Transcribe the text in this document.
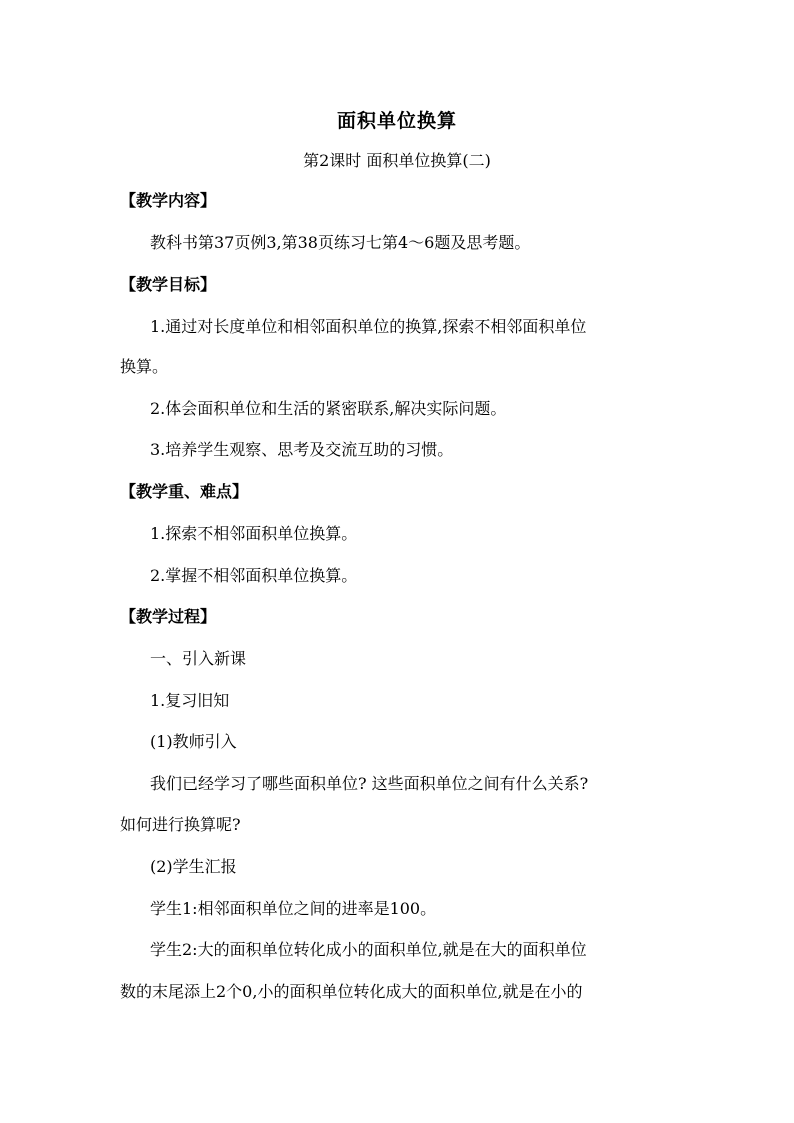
面积单位换算
第2课时 面积单位换算(二)
【教学内容】
教科书第37页例3,第38页练习七第4～6题及思考题。
【教学目标】
1.通过对长度单位和相邻面积单位的换算,探索不相邻面积单位
换算。
2.体会面积单位和生活的紧密联系,解决实际问题。
3.培养学生观察、思考及交流互助的习惯。
【教学重、难点】
1.探索不相邻面积单位换算。
2.掌握不相邻面积单位换算。
【教学过程】
一、引入新课
1.复习旧知
(1)教师引入
我们已经学习了哪些面积单位? 这些面积单位之间有什么关系?
如何进行换算呢?
(2)学生汇报
学生1:相邻面积单位之间的进率是100。
学生2:大的面积单位转化成小的面积单位,就是在大的面积单位
数的末尾添上2个0,小的面积单位转化成大的面积单位,就是在小的
